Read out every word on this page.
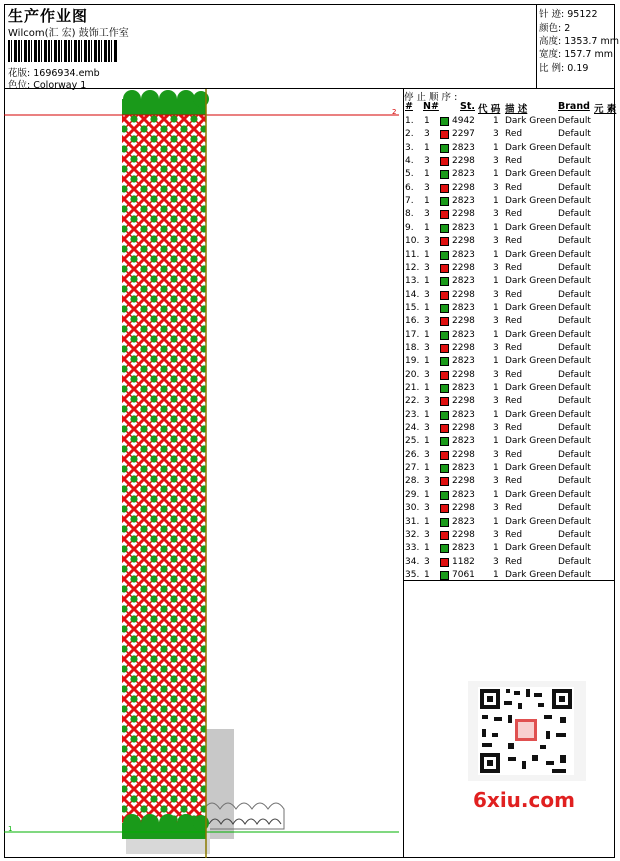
生产作业图
Wilcom(汇 宏) 鼓饰工作室
花版: 1696934.emb
色位: Colorway 1
针 迹: 95122
颜色: 2
高度: 1353.7 mm
宽度: 157.7 mm
比 例: 0.19
2
1
停 止 顺 序 :
# N# St. 代 码 描 述	Brand 元 素
1. 1 4942 1 Dark Green Default
2. 3 2297 3 Red	Default
3. 1 2823 1 Dark Green Default
4. 3 2298 3 Red	Default
5. 1 2823 1 Dark Green Default
6. 3 2298 3 Red	Default
7. 1 2823 1 Dark Green Default
8. 3 2298 3 Red	Default
9. 1 2823 1 Dark Green Default
10. 3 2298 3 Red	Default
11. 1 2823 1 Dark Green Default
12. 3 2298 3 Red	Default
13. 1 2823 1 Dark Green Default
14. 3 2298 3 Red	Default
15. 1 2823 1 Dark Green Default
16. 3 2298 3 Red	Default
17. 1 2823 1 Dark Green Default
18. 3 2298 3 Red	Default
19. 1 2823 1 Dark Green Default
20. 3 2298 3 Red	Default
21. 1 2823 1 Dark Green Default
22. 3 2298 3 Red	Default
23. 1 2823 1 Dark Green Default
24. 3 2298 3 Red	Default
25. 1 2823 1 Dark Green Default
26. 3 2298 3 Red	Default
27. 1 2823 1 Dark Green Default
28. 3 2298 3 Red	Default
29. 1 2823 1 Dark Green Default
30. 3 2298 3 Red	Default
31. 1 2823 1 Dark Green Default
32. 3 2298 3 Red	Default
33. 1 2823 1 Dark Green Default
34. 3 1182 3 Red	Default
35. 1 7061 1 Dark Green Default
6xiu.com
